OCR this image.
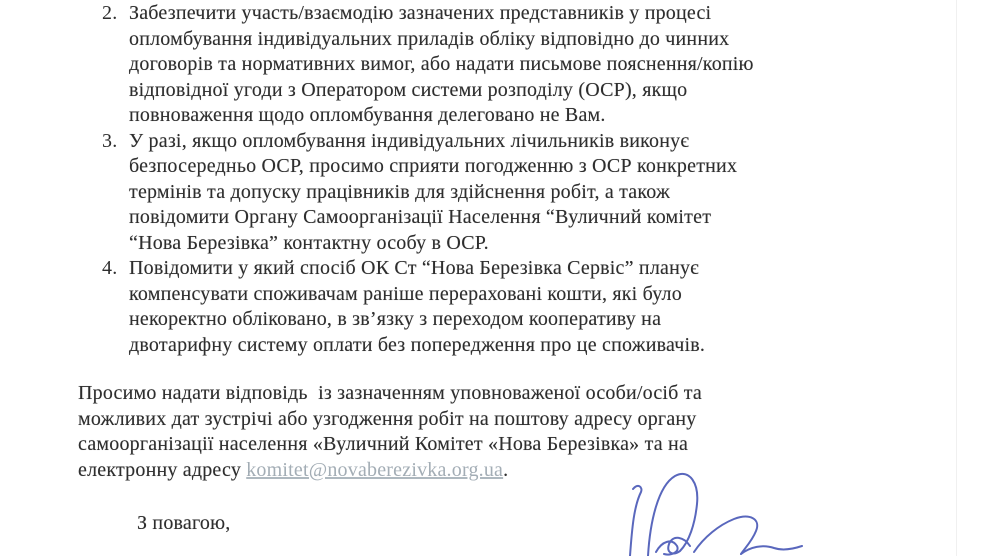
2. Забезпечити участь/взаємодію зазначених представників у процесі
опломбування індивідуальних приладів обліку відповідно до чинних
договорів та нормативних вимог, або надати письмове пояснення/копію
відповідної угоди з Оператором системи розподілу (ОСР), якщо
повноваження щодо опломбування делеговано не Вам.
3. У разі, якщо опломбування індивідуальних лічильників виконує
безпосередньо ОСР, просимо сприяти погодженню з ОСР конкретних
термінів та допуску працівників для здійснення робіт, а також
повідомити Органу Самоорганізації Населення “Вуличний комітет
“Нова Березівка” контактну особу в ОСР.
4. Повідомити у який спосіб ОК Ст “Нова Березівка Сервіс” планує
компенсувати споживачам раніше перераховані кошти, які було
некоректно обліковано, в зв’язку з переходом кооперативу на
двотарифну систему оплати без попередження про це споживачів.
Просимо надати відповідь  із зазначенням уповноваженої особи/осіб та
можливих дат зустрічі або узгодження робіт на поштову адресу органу
самоорганізації населення «Вуличний Комітет «Нова Березівка» та на
електронну адресу komitet@novaberezivka.org.ua.
З повагою,
